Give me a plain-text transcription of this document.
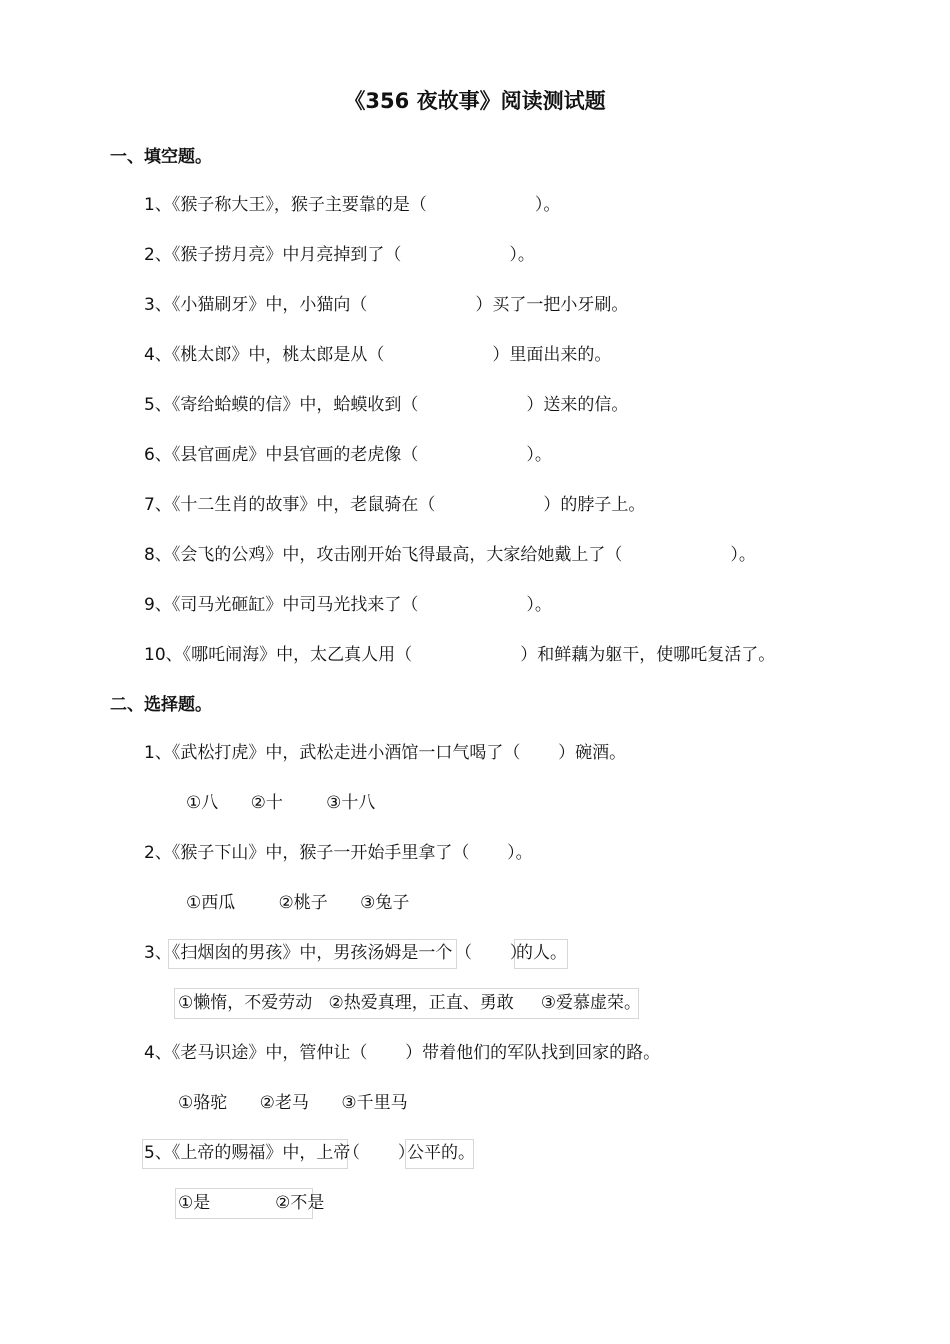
《356 夜故事》阅读测试题
一、填空题。
1、《猴子称大王》，猴子主要靠的是（                    ）。
2、《猴子捞月亮》中月亮掉到了（                    ）。
3、《小猫刷牙》中，小猫向（                    ）买了一把小牙刷。
4、《桃太郎》中，桃太郎是从（                    ）里面出来的。
5、《寄给蛤蟆的信》中，蛤蟆收到（                    ）送来的信。
6、《县官画虎》中县官画的老虎像（                    ）。
7、《十二生肖的故事》中，老鼠骑在（                    ）的脖子上。
8、《会飞的公鸡》中，攻击刚开始飞得最高，大家给她戴上了（                    ）。
9、《司马光砸缸》中司马光找来了（                    ）。
10、《哪吒闹海》中，太乙真人用（                    ）和鲜藕为躯干，使哪吒复活了。
二、选择题。
1、《武松打虎》中，武松走进小酒馆一口气喝了（       ）碗酒。
①八      ②十        ③十八
2、《猴子下山》中，猴子一开始手里拿了（       ）。
①西瓜        ②桃子      ③兔子
3、《扫烟囱的男孩》中，男孩汤姆是一个 （       ）
的人。
①懒惰，不爱劳动   ②热爱真理，正直、勇敢     ③爱慕虚荣。
4、《老马识途》中，管仲让（       ）带着他们的军队找到回家的路。
①骆驼      ②老马      ③千里马
5、《上帝的赐福》中，上帝
（       ）
公平的。
①是            ②不是
